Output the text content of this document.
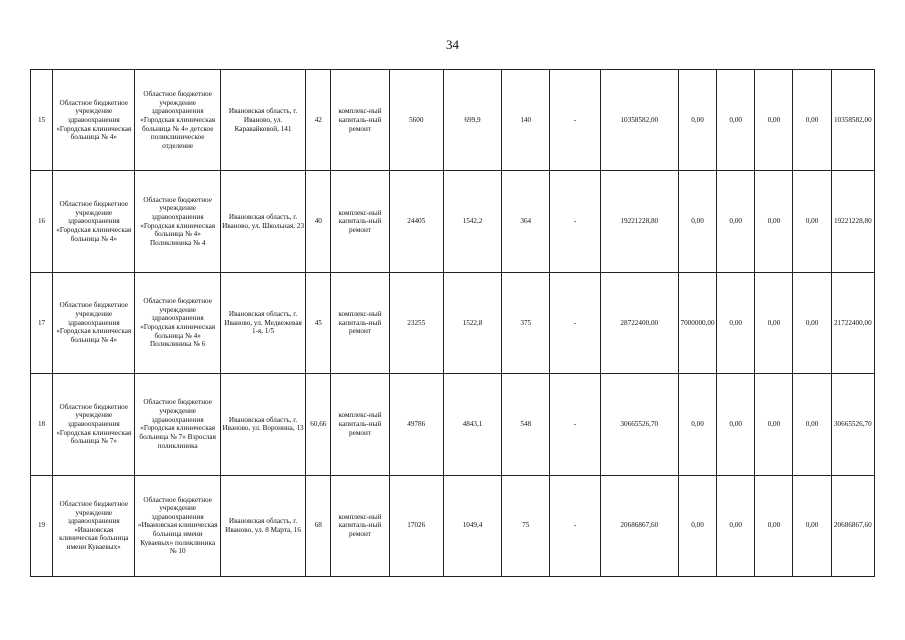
34
15	Областное бюджетное учреждение здравоохранения «Городская клиническая больница № 4»	Областное бюджетное учреждение здравоохранения «Городская клиническая больница № 4» детское поликлиническое отделение	Ивановская область, г. Иваново, ул. Каравайковой, 141	42	комплекс-ный капиталь-ный ремонт	5600	699,9	140	-	10358582,00	0,00	0,00	0,00	0,00	10358582,00
16	Областное бюджетное учреждение здравоохранения «Городская клиническая больница № 4»	Областное бюджетное учреждение здравоохранения «Городская клиническая больница № 4» Поликлиника № 4	Ивановская область, г. Иваново, ул. Школьная, 23	40	комплекс-ный капиталь-ный ремонт	24405	1542,2	364	-	19221228,80	0,00	0,00	0,00	0,00	19221228,80
17	Областное бюджетное учреждение здравоохранения «Городская клиническая больница № 4»	Областное бюджетное учреждение здравоохранения «Городская клиническая больница № 4» Поликлиника № 6	Ивановская область, г. Иваново, ул. Медвежевая 1-я, 1/5	45	комплекс-ный капиталь-ный ремонт	23255	1522,8	375	-	28722400,00	7000000,00	0,00	0,00	0,00	21722400,00
18	Областное бюджетное учреждение здравоохранения «Городская клиническая больница № 7»	Областное бюджетное учреждение здравоохранения «Городская клиническая больница № 7» Взрослая поликлиника	Ивановская область, г. Иваново, ул. Воронина, 13	60,66	комплекс-ный капиталь-ный ремонт	49786	4843,1	548	-	30665526,70	0,00	0,00	0,00	0,00	30665526,70
19	Областное бюджетное учреждение здравоохранения «Ивановская клиническая больница имени Куваевых»	Областное бюджетное учреждение здравоохранения «Ивановская клиническая больница имени Куваевых» поликлиника № 10	Ивановская область, г. Иваново, ул. 8 Марта, 16	68	комплекс-ный капиталь-ный ремонт	17026	1049,4	75	-	20686867,60	0,00	0,00	0,00	0,00	20686867,60
